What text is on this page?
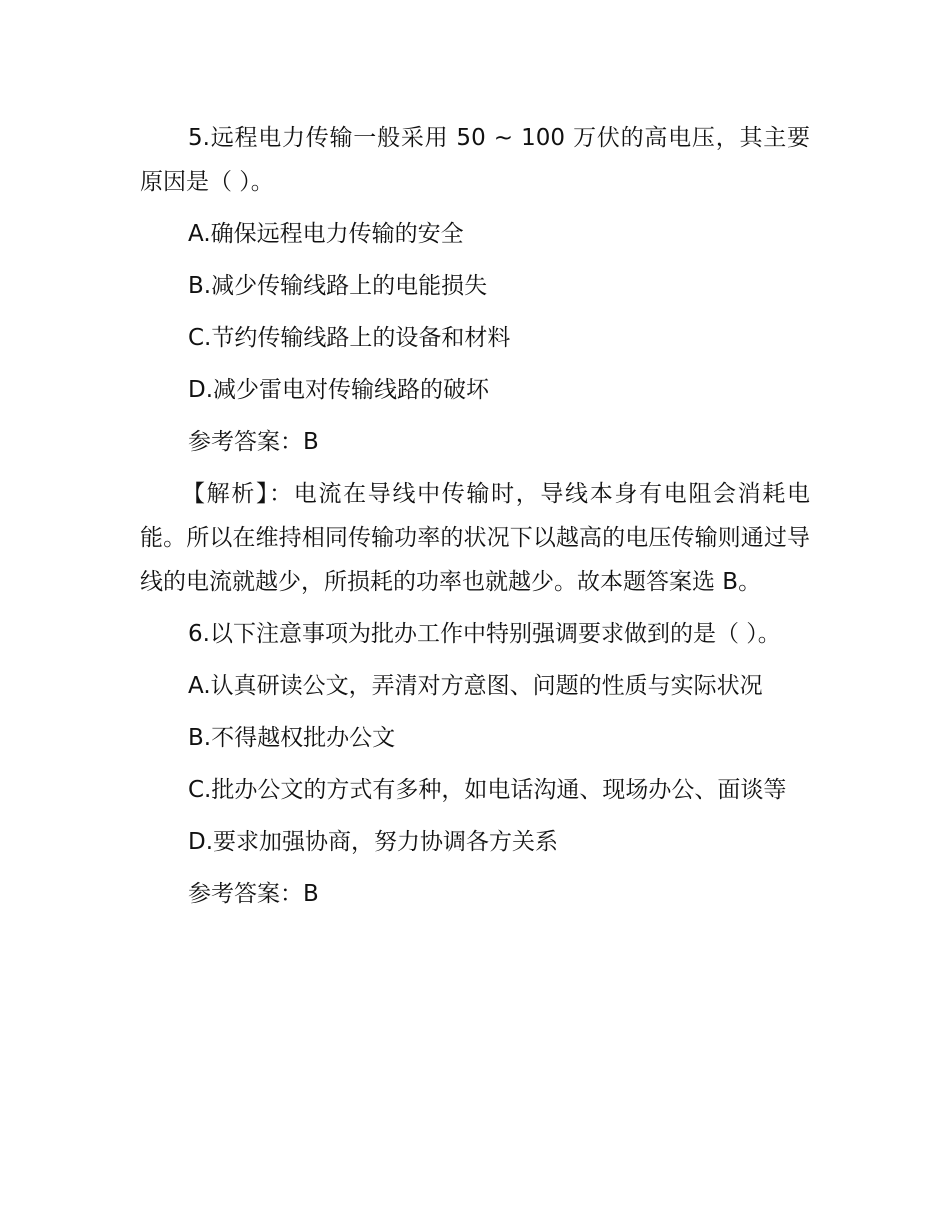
5.远程电力传输一般采用 50 ~ 100 万伏的高电压，其主要原因是（ ）。

A.确保远程电力传输的安全

B.减少传输线路上的电能损失

C.节约传输线路上的设备和材料

D.减少雷电对传输线路的破坏

参考答案：B

【解析】：电流在导线中传输时，导线本身有电阻会消耗电能。所以在维持相同传输功率的状况下以越高的电压传输则通过导线的电流就越少，所损耗的功率也就越少。故本题答案选 B。

6.以下注意事项为批办工作中特别强调要求做到的是（ ）。

A.认真研读公文，弄清对方意图、问题的性质与实际状况

B.不得越权批办公文

C.批办公文的方式有多种，如电话沟通、现场办公、面谈等

D.要求加强协商，努力协调各方关系

参考答案：B
